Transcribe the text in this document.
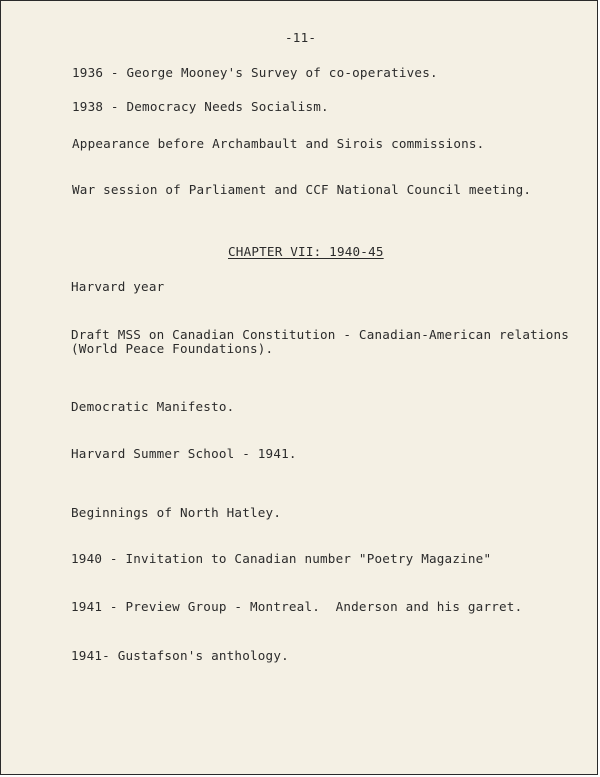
-11-
1936 - George Mooney's Survey of co-operatives.
1938 - Democracy Needs Socialism.
Appearance before Archambault and Sirois commissions.
War session of Parliament and CCF National Council meeting.
CHAPTER VII: 1940-45
Harvard year
Draft MSS on Canadian Constitution - Canadian-American relations
(World Peace Foundations).
Democratic Manifesto.
Harvard Summer School - 1941.
Beginnings of North Hatley.
1940 - Invitation to Canadian number "Poetry Magazine"
1941 - Preview Group - Montreal.  Anderson and his garret.
1941- Gustafson's anthology.
